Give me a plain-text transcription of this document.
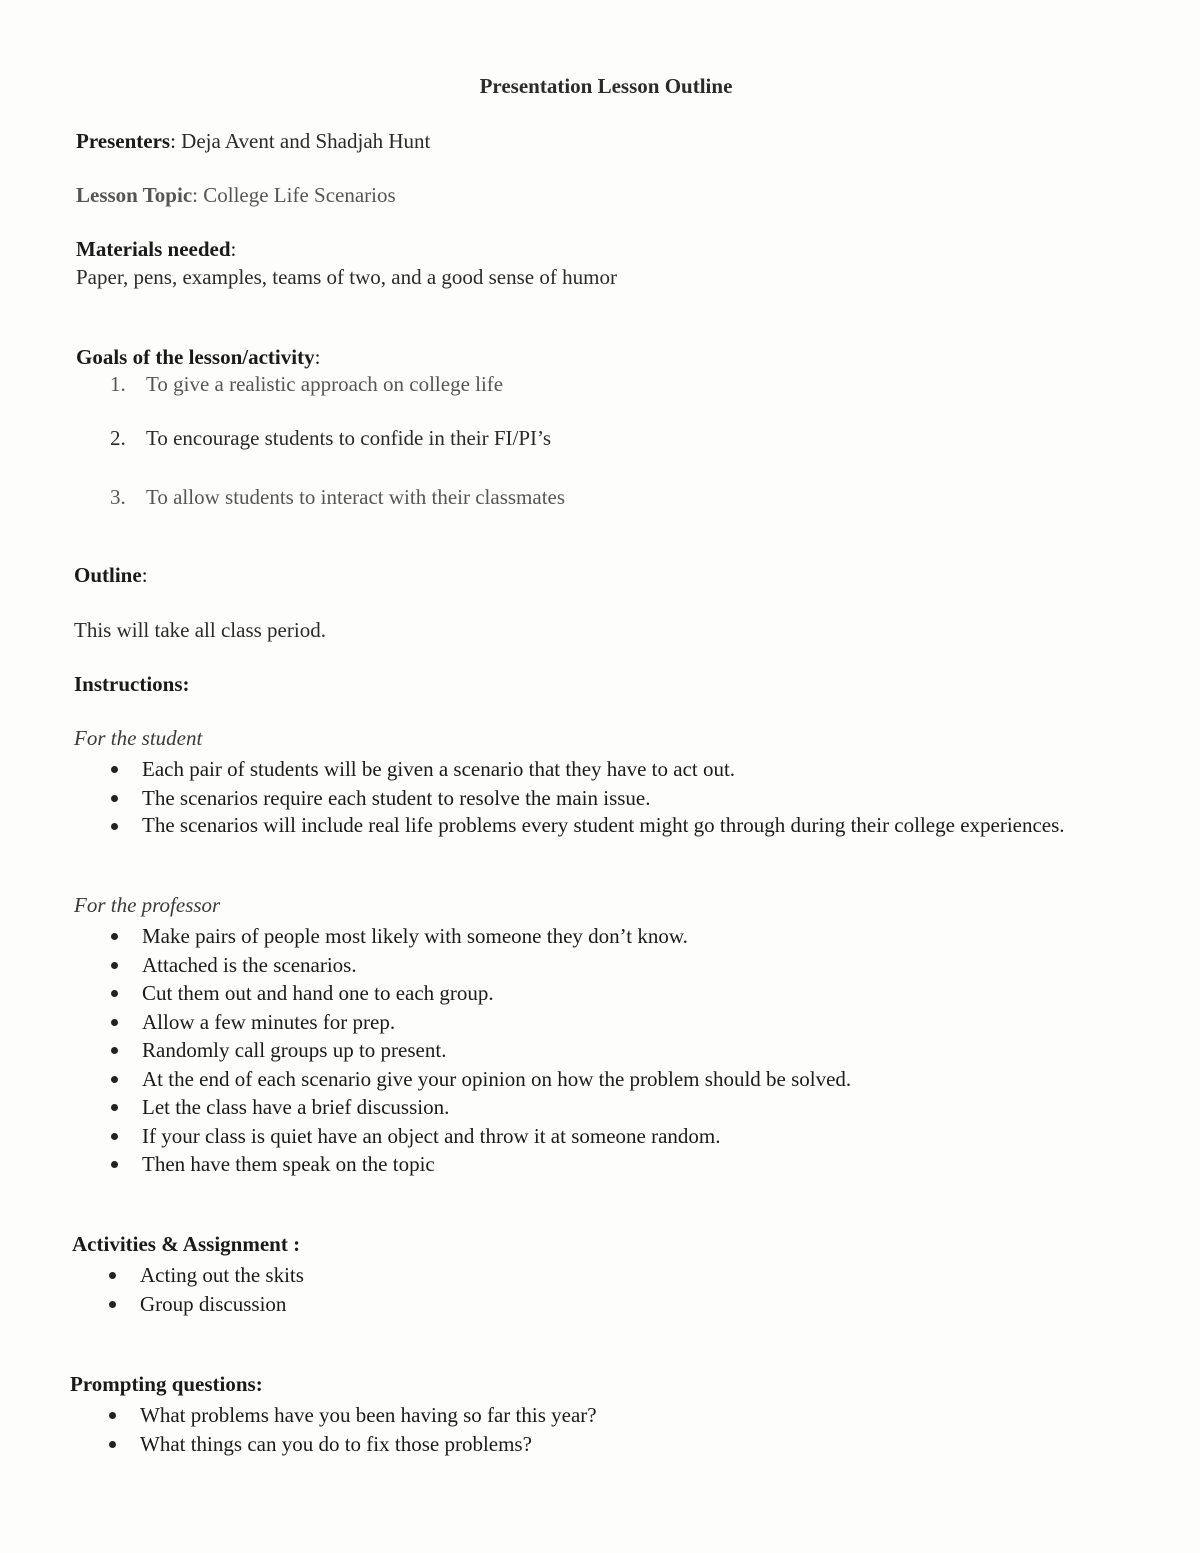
Presentation Lesson Outline
Presenters: Deja Avent and Shadjah Hunt
Lesson Topic: College Life Scenarios
Materials needed:
Paper, pens, examples, teams of two, and a good sense of humor
Goals of the lesson/activity:
1. To give a realistic approach on college life
2. To encourage students to confide in their FI/PI’s
3. To allow students to interact with their classmates
Outline:
This will take all class period.
Instructions:
For the student
Each pair of students will be given a scenario that they have to act out.
The scenarios require each student to resolve the main issue.
The scenarios will include real life problems every student might go through during their college experiences.
For the professor
Make pairs of people most likely with someone they don’t know.
Attached is the scenarios.
Cut them out and hand one to each group.
Allow a few minutes for prep.
Randomly call groups up to present.
At the end of each scenario give your opinion on how the problem should be solved.
Let the class have a brief discussion.
If your class is quiet have an object and throw it at someone random.
Then have them speak on the topic
Activities & Assignment :
Acting out the skits
Group discussion
Prompting questions:
What problems have you been having so far this year?
What things can you do to fix those problems?
